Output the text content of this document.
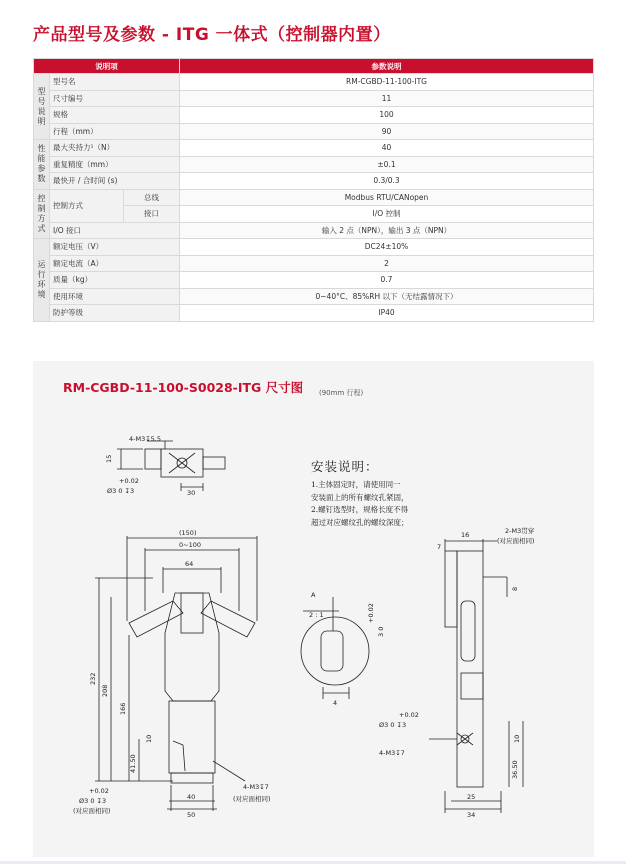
产品型号及参数 - ITG 一体式（控制器内置）
说明项			参数说明
型
号
说
明	型号名		RM-CGBD-11-100-ITG
	尺寸编号		11
	规格		100
	行程（mm）		90
性
能
参
数	最大夹持力¹（N）		40
	重复精度（mm）		±0.1
	最快开 / 合时间 (s)		0.3/0.3
控
制
方
式	控制方式	总线	Modbus RTU/CANopen
		接口	I/O 控制
	I/O 接口		输入 2 点（NPN），输出 3 点（NPN）
运
行
环
境	额定电压（V）		DC24±10%
	额定电流（A）		2
	质量（kg）		0.7
	使用环境		0~40°C、85%RH 以下（无结露情况下）
	防护等级		IP40
RM-CGBD-11-100-S0028-ITG 尺寸图 (90mm 行程)
安装说明：
1.主体固定时，请使用同一
安装面上的所有螺纹孔紧固，
2.螺钉选型时，规格长度不得
超过对应螺纹孔的螺纹深度；
4-M3↧5.5
15
+0.02
Ø3 0 ↧3	30
(150)
0~100
64
232
208
166
41.50
10
+0.02
Ø3 0 ↧3
(对应面相同)
40
50
4-M3↧7
(对应面相同)
A
2 : 1	+0.02
3 0
4
16
7
2-M3贯穿
(对应面相同)
8
+0.02
Ø3 0 ↧3
4-M3↧7
10
36.50
25
34
